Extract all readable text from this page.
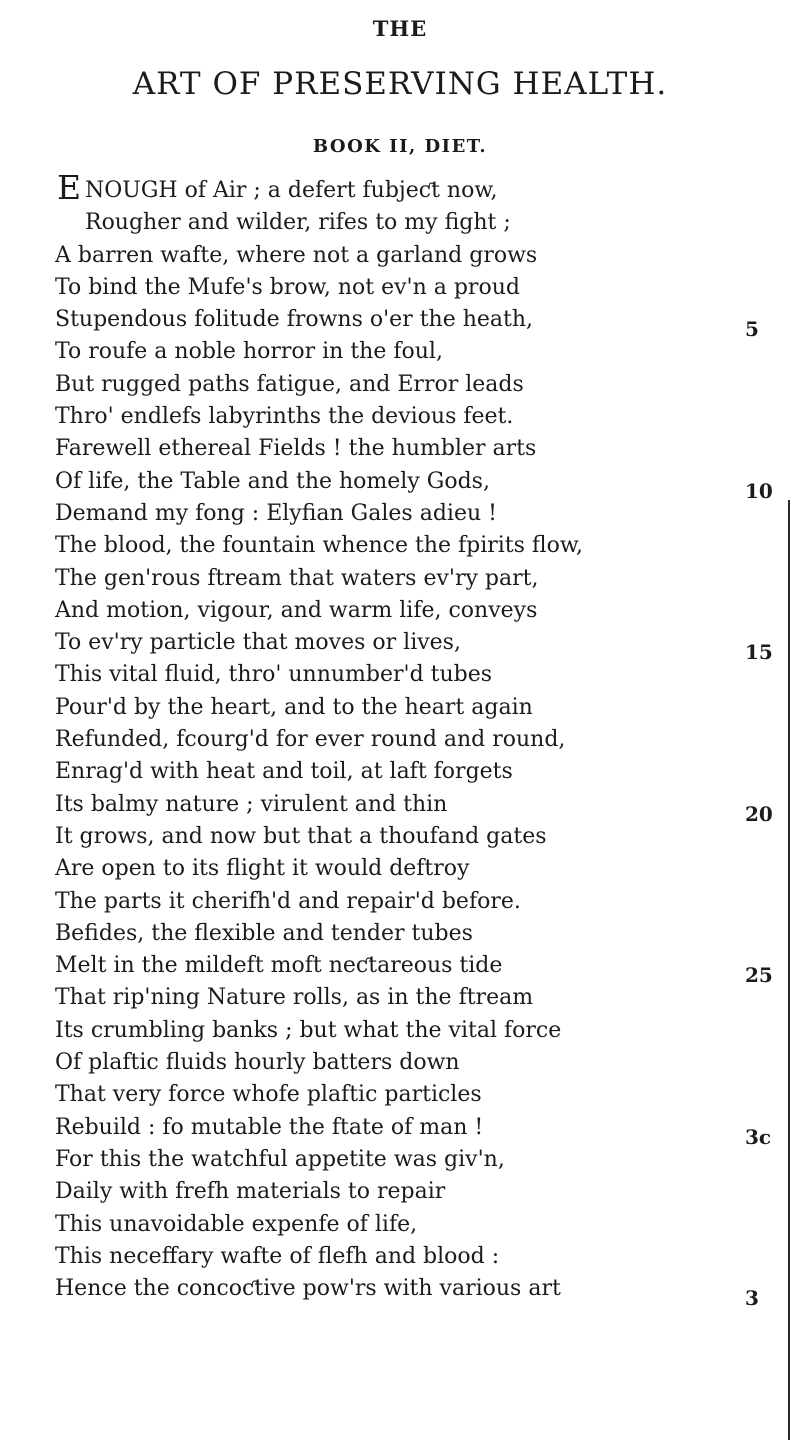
THE
ART OF PRESERVING HEALTH.
BOOK II, DIET.
E NOUGH of Air ; a defert fubjeƈt now,
Rougher and wilder, rifes to my fight ;
A barren wafte, where not a garland grows
To bind the Mufe's brow, not ev'n a proud
Stupendous folitude frowns o'er the heath,
To roufe a noble horror in the foul,
But rugged paths fatigue, and Error leads
Thro' endlefs labyrinths the devious feet.
Farewell ethereal Fields ! the humbler arts
Of life, the Table and the homely Gods,
Demand my fong : Elyfian Gales adieu !
The blood, the fountain whence the fpirits flow,
The gen'rous ftream that waters ev'ry part,
And motion, vigour, and warm life, conveys
To ev'ry particle that moves or lives,
This vital fluid, thro' unnumber'd tubes
Pour'd by the heart, and to the heart again
Refunded, fcourg'd for ever round and round,
Enrag'd with heat and toil, at laft forgets
Its balmy nature ; virulent and thin
It grows, and now but that a thoufand gates
Are open to its flight it would deftroy
The parts it cherifh'd and repair'd before.
Befides, the flexible and tender tubes
Melt in the mildeft moft neƈtareous tide
That rip'ning Nature rolls, as in the ftream
Its crumbling banks ; but what the vital force
Of plaftic fluids hourly batters down
That very force whofe plaftic particles
Rebuild : fo mutable the ftate of man !
For this the watchful appetite was giv'n,
Daily with frefh materials to repair
This unavoidable expenfe of life,
This neceffary wafte of flefh and blood :
Hence the concoƈtive pow'rs with various art
5
10
15
20
25
3c
3
